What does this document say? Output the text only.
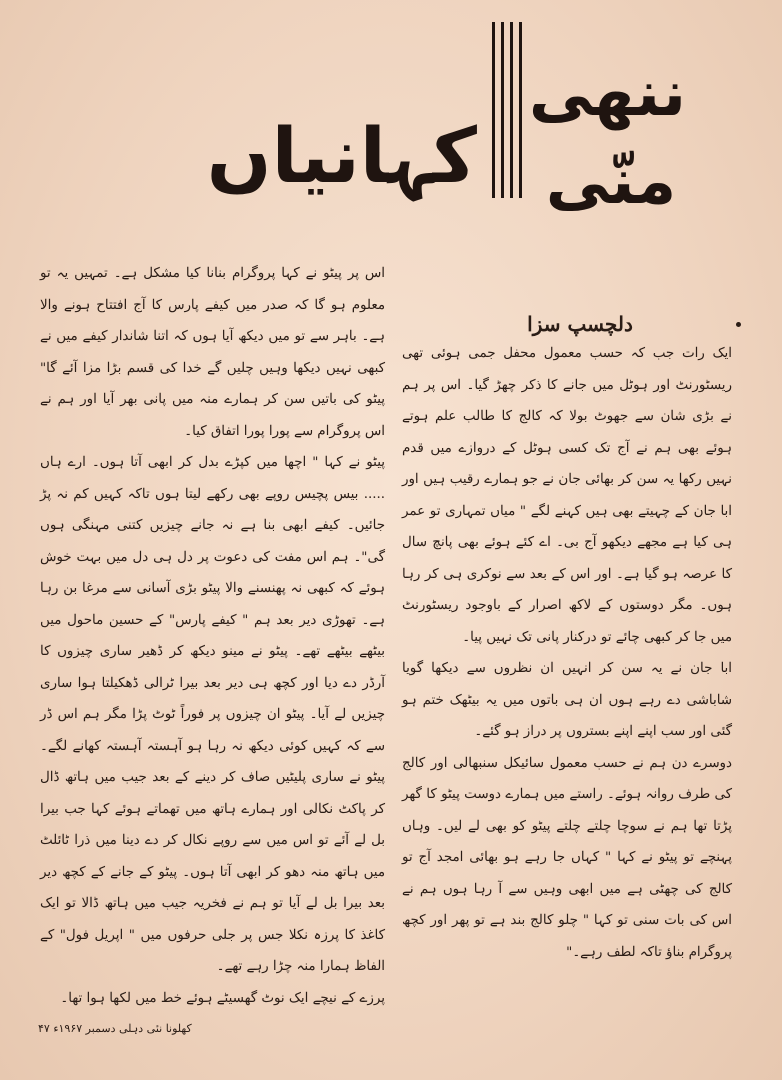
کہانیاں
ننھی
منّی
دلچسپ سزا

ایک رات جب کہ حسب معمول محفل جمی ہوئی تھی ریسٹورنٹ اور ہوٹل میں جانے کا ذکر چھڑ گیا۔ اس پر ہم نے بڑی شان سے جھوٹ بولا کہ کالج کا طالب علم ہوتے ہوئے بھی ہم نے آج تک کسی ہوٹل کے دروازے میں قدم نہیں رکھا یہ سن کر بھائی جان نے جو ہمارے رقیب ہیں اور ابا جان کے چہیتے بھی ہیں کہنے لگے " میاں تمہاری تو عمر ہی کیا ہے مجھے دیکھو آج بی۔ اے کئے ہوئے بھی پانچ سال کا عرصہ ہو گیا ہے۔ اور اس کے بعد سے نوکری ہی کر رہا ہوں۔ مگر دوستوں کے لاکھ اصرار کے باوجود ریسٹورنٹ میں جا کر کبھی چائے تو درکنار پانی تک نہیں پیا۔

ابا جان نے یہ سن کر انہیں ان نظروں سے دیکھا گویا شاباشی دے رہے ہوں ان ہی باتوں میں یہ بیٹھک ختم ہو گئی اور سب اپنے اپنے بستروں پر دراز ہو گئے۔

دوسرے دن ہم نے حسب معمول سائیکل سنبھالی اور کالج کی طرف روانہ ہوئے۔ راستے میں ہمارے دوست پیٹو کا گھر پڑتا تھا ہم نے سوچا چلتے چلتے پیٹو کو بھی لے لیں۔ وہاں پہنچے تو پیٹو نے کہا " کہاں جا رہے ہو بھائی امجد آج تو کالج کی چھٹی ہے میں ابھی وہیں سے آ رہا ہوں ہم نے اس کی بات سنی تو کہا " چلو کالج بند ہے تو پھر اور کچھ پروگرام بناؤ تاکہ لطف رہے۔"

اس پر پیٹو نے کہا پروگرام بنانا کیا مشکل ہے۔ تمہیں یہ تو معلوم ہو گا کہ صدر میں کیفے پارس کا آج افتتاح ہونے والا ہے۔ باہر سے تو میں دیکھ آیا ہوں کہ اتنا شاندار کیفے میں نے کبھی نہیں دیکھا وہیں چلیں گے خدا کی قسم بڑا مزا آئے گا" پیٹو کی باتیں سن کر ہمارے منہ میں پانی بھر آیا اور ہم نے اس پروگرام سے پورا پورا اتفاق کیا۔

پیٹو نے کہا " اچھا میں کپڑے بدل کر ابھی آتا ہوں۔ ارے ہاں ..... بیس پچیس روپے بھی رکھے لیتا ہوں تاکہ کہیں کم نہ پڑ جائیں۔ کیفے ابھی بنا ہے نہ جانے چیزیں کتنی مہنگی ہوں گی"۔ ہم اس مفت کی دعوت پر دل ہی دل میں بہت خوش ہوئے کہ کبھی نہ پھنسنے والا پیٹو بڑی آسانی سے مرغا بن رہا ہے۔ تھوڑی دیر بعد ہم " کیفے پارس" کے حسین ماحول میں بیٹھے بیٹھے تھے۔ پیٹو نے مینو دیکھ کر ڈھیر ساری چیزوں کا آرڈر دے دیا اور کچھ ہی دیر بعد بیرا ٹرالی ڈھکیلتا ہوا ساری چیزیں لے آیا۔ پیٹو ان چیزوں پر فوراً ٹوٹ پڑا مگر ہم اس ڈر سے کہ کہیں کوئی دیکھ نہ رہا ہو آہستہ آہستہ کھانے لگے۔ پیٹو نے ساری پلیٹیں صاف کر دینے کے بعد جیب میں ہاتھ ڈال کر پاکٹ نکالی اور ہمارے ہاتھ میں تھماتے ہوئے کہا جب بیرا بل لے آئے تو اس میں سے روپے نکال کر دے دینا میں ذرا ٹائلٹ میں ہاتھ منہ دھو کر ابھی آتا ہوں۔ پیٹو کے جانے کے کچھ دیر بعد بیرا بل لے آیا تو ہم نے فخریہ جیب میں ہاتھ ڈالا تو ایک کاغذ کا پرزہ نکلا جس پر جلی حرفوں میں " اپریل فول" کے الفاظ ہمارا منہ چڑا رہے تھے۔

پرزے کے نیچے ایک نوٹ گھسیٹے ہوئے خط میں لکھا ہوا تھا۔

کھلونا نئی دہلی دسمبر ۱۹۶۷ء ۴۷
